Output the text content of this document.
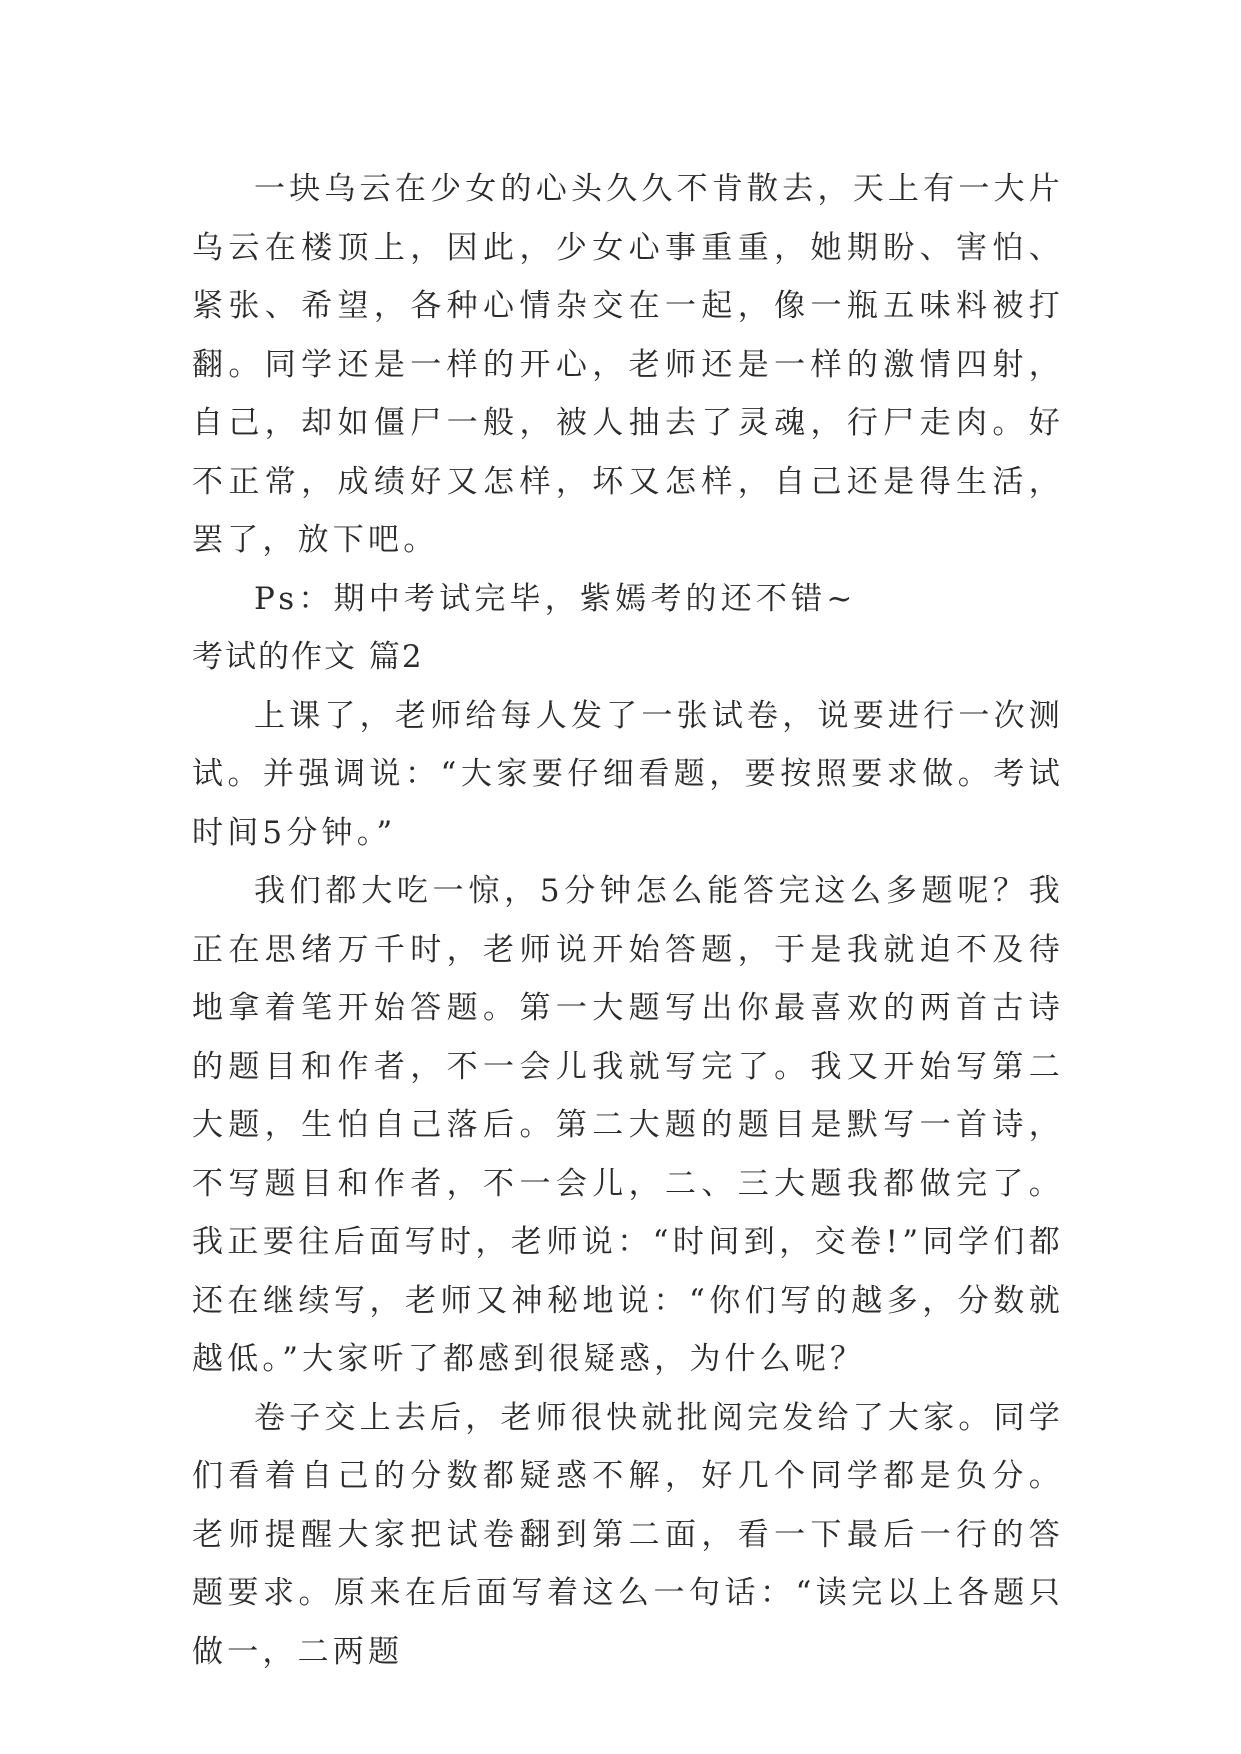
一块乌云在少女的心头久久不肯散去，天上有一大片乌云在楼顶上，因此，少女心事重重，她期盼、害怕、紧张、希望，各种心情杂交在一起，像一瓶五味料被打翻。同学还是一样的开心，老师还是一样的激情四射，自己，却如僵尸一般，被人抽去了灵魂，行尸走肉。好不正常，成绩好又怎样，坏又怎样，自己还是得生活，罢了，放下吧。

Ps：期中考试完毕，紫嫣考的还不错~

考试的作文 篇2

上课了，老师给每人发了一张试卷，说要进行一次测试。并强调说：“大家要仔细看题，要按照要求做。考试时间5分钟。”

我们都大吃一惊，5分钟怎么能答完这么多题呢？我正在思绪万千时，老师说开始答题，于是我就迫不及待地拿着笔开始答题。第一大题写出你最喜欢的两首古诗的题目和作者，不一会儿我就写完了。我又开始写第二大题，生怕自己落后。第二大题的题目是默写一首诗，不写题目和作者，不一会儿，二、三大题我都做完了。我正要往后面写时，老师说：“时间到，交卷!”同学们都还在继续写，老师又神秘地说：“你们写的越多，分数就越低。”大家听了都感到很疑惑，为什么呢？

卷子交上去后，老师很快就批阅完发给了大家。同学们看着自己的分数都疑惑不解，好几个同学都是负分。老师提醒大家把试卷翻到第二面，看一下最后一行的答题要求。原来在后面写着这么一句话：“读完以上各题只做一，二两题
